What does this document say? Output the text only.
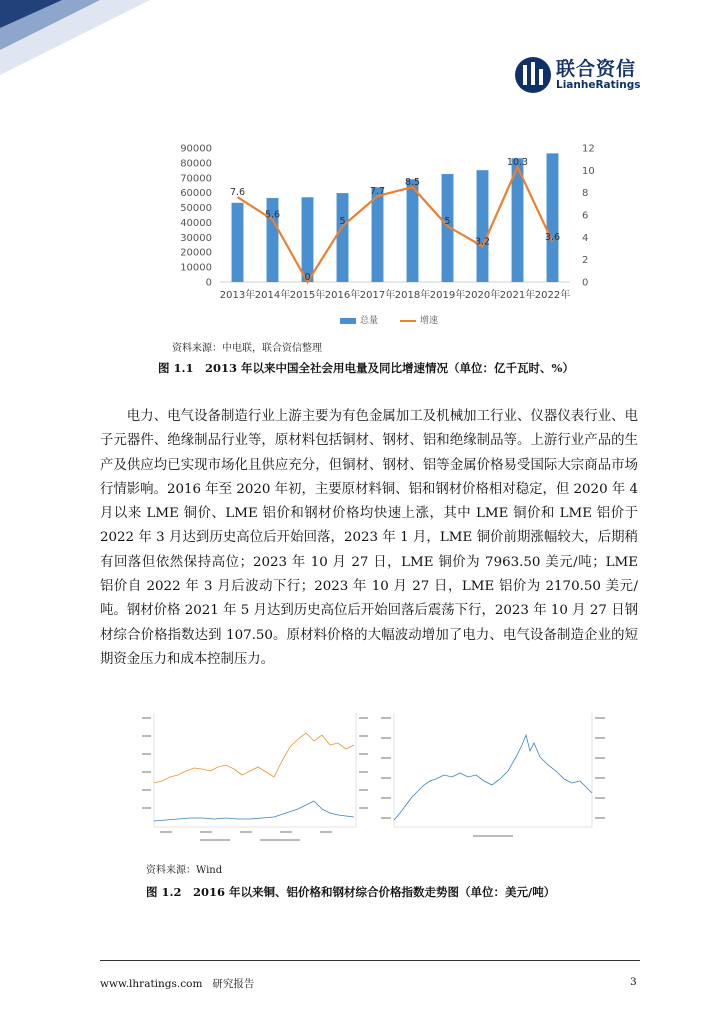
联合资信
LianheRatings
0
10000
20000
30000
40000
50000
60000
70000
80000
90000
0
2
4
6
8
10
12
2013年 2014年 2015年 2016年 2017年 2018年 2019年 2020年 2021年 2022年
7.6
5.6
0
5
7.7
8.5
5
3.2
10.3
3.6
总量	增速
资料来源：中电联，联合资信整理
图 1.1　2013 年以来中国全社会用电量及同比增速情况（单位：亿千瓦时、%）

电力、电气设备制造行业上游主要为有色金属加工及机械加工行业、仪器仪表行业、电子元器件、绝缘制品行业等，原材料包括铜材、钢材、铝和绝缘制品等。上游行业产品的生产及供应均已实现市场化且供应充分，但铜材、钢材、铝等金属价格易受国际大宗商品市场行情影响。2016 年至 2020 年初，主要原材料铜、铝和钢材价格相对稳定，但 2020 年 4 月以来 LME 铜价、LME 铝价和钢材价格均快速上涨，其中 LME 铜价和 LME 铝价于 2022 年 3 月达到历史高位后开始回落，2023 年 1 月，LME 铜价前期涨幅较大，后期稍有回落但依然保持高位；2023 年 10 月 27 日，LME 铜价为 7963.50 美元/吨；LME 铝价自 2022 年 3 月后波动下行；2023 年 10 月 27 日，LME 铝价为 2170.50 美元/吨。钢材价格 2021 年 5 月达到历史高位后开始回落后震荡下行，2023 年 10 月 27 日钢材综合价格指数达到 107.50。原材料价格的大幅波动增加了电力、电气设备制造企业的短期资金压力和成本控制压力。

资料来源：Wind
图 1.2　2016 年以来铜、铝价格和钢材综合价格指数走势图（单位：美元/吨）
www.lhratings.com 研究报告	3
